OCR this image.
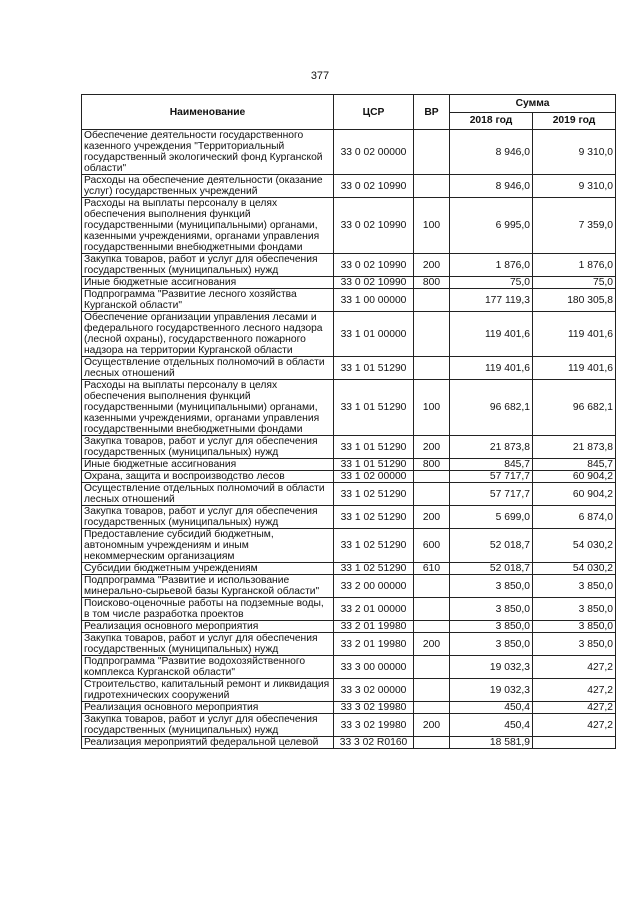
377
Наименование	ЦСР	ВР	Сумма	
			2018 год	2019 год
Обеспечение деятельности государственного казенного учреждения "Территориальный государственный экологический фонд Курганской области"	33 0 02 00000		8 946,0	9 310,0
Расходы на обеспечение деятельности (оказание услуг) государственных учреждений	33 0 02 10990		8 946,0	9 310,0
Расходы на выплаты персоналу в целях обеспечения выполнения функций государственными (муниципальными) органами, казенными учреждениями, органами управления государственными внебюджетными фондами	33 0 02 10990	100	6 995,0	7 359,0
Закупка товаров, работ и услуг для обеспечения государственных (муниципальных) нужд	33 0 02 10990	200	1 876,0	1 876,0
Иные бюджетные ассигнования	33 0 02 10990	800	75,0	75,0
Подпрограмма "Развитие лесного хозяйства Курганской области"	33 1 00 00000		177 119,3	180 305,8
Обеспечение организации управления лесами и федерального государственного лесного надзора (лесной охраны), государственного пожарного надзора на территории Курганской области	33 1 01 00000		119 401,6	119 401,6
Осуществление отдельных полномочий в области лесных отношений	33 1 01 51290		119 401,6	119 401,6
Расходы на выплаты персоналу в целях обеспечения выполнения функций государственными (муниципальными) органами, казенными учреждениями, органами управления государственными внебюджетными фондами	33 1 01 51290	100	96 682,1	96 682,1
Закупка товаров, работ и услуг для обеспечения государственных (муниципальных) нужд	33 1 01 51290	200	21 873,8	21 873,8
Иные бюджетные ассигнования	33 1 01 51290	800	845,7	845,7
Охрана, защита и воспроизводство лесов	33 1 02 00000		57 717,7	60 904,2
Осуществление отдельных полномочий в области лесных отношений	33 1 02 51290		57 717,7	60 904,2
Закупка товаров, работ и услуг для обеспечения государственных (муниципальных) нужд	33 1 02 51290	200	5 699,0	6 874,0
Предоставление субсидий бюджетным, автономным учреждениям и иным некоммерческим организациям	33 1 02 51290	600	52 018,7	54 030,2
Субсидии бюджетным учреждениям	33 1 02 51290	610	52 018,7	54 030,2
Подпрограмма "Развитие и использование минерально-сырьевой базы Курганской области"	33 2 00 00000		3 850,0	3 850,0
Поисково-оценочные работы на подземные воды, в том числе разработка проектов	33 2 01 00000		3 850,0	3 850,0
Реализация основного мероприятия	33 2 01 19980		3 850,0	3 850,0
Закупка товаров, работ и услуг для обеспечения государственных (муниципальных) нужд	33 2 01 19980	200	3 850,0	3 850,0
Подпрограмма "Развитие водохозяйственного комплекса Курганской области"	33 3 00 00000		19 032,3	427,2
Строительство, капитальный ремонт и ликвидация гидротехнических сооружений	33 3 02 00000		19 032,3	427,2
Реализация основного мероприятия	33 3 02 19980		450,4	427,2
Закупка товаров, работ и услуг для обеспечения государственных (муниципальных) нужд	33 3 02 19980	200	450,4	427,2
Реализация мероприятий федеральной целевой	33 3 02 R0160		18 581,9	
